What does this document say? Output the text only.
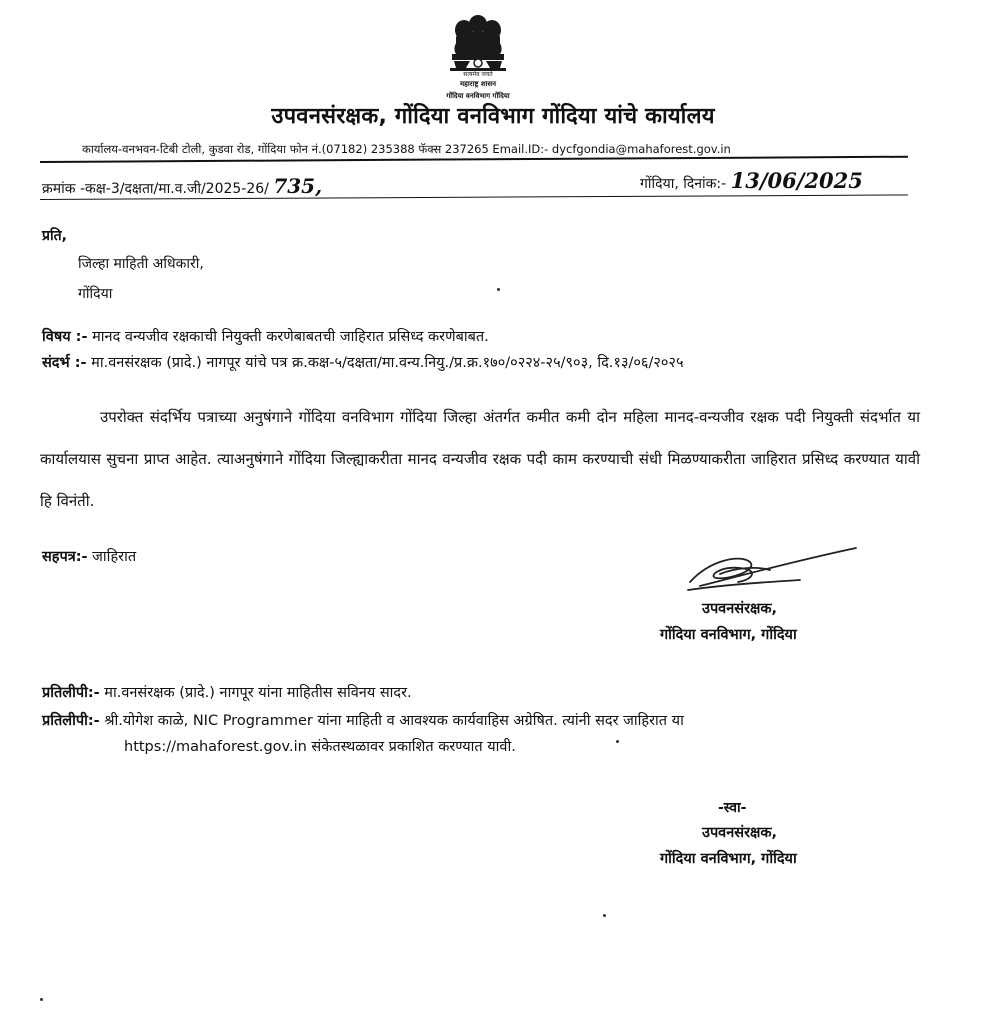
सत्यमेव जयते
महाराष्ट्र शासन
गोंदिया वनविभाग गोंदिया
उपवनसंरक्षक, गोंदिया वनविभाग गोंदिया यांचे कार्यालय
कार्यालय-वनभवन-टिबी टोली, कुडवा रोड, गोंदिया फोन नं.(07182) 235388 फॅक्स 237265 Email.ID:- dycfgondia@mahaforest.gov.in
क्रमांक -कक्ष-3/दक्षता/मा.व.जी/2025-26/ 735,	गोंदिया, दिनांक:- 13/06/2025
प्रति,
जिल्हा माहिती अधिकारी,
गोंदिया
विषय :- मानद वन्यजीव रक्षकाची नियुक्ती करणेबाबतची जाहिरात प्रसिध्द करणेबाबत.
संदर्भ :- मा.वनसंरक्षक (प्रादे.) नागपूर यांचे पत्र क्र.कक्ष-५/दक्षता/मा.वन्य.नियु./प्र.क्र.१७०/०२२४-२५/९०३, दि.१३/०६/२०२५
उपरोक्त संदर्भिय पत्राच्या अनुषंगाने गोंदिया वनविभाग गोंदिया जिल्हा अंतर्गत कमीत कमी दोन महिला मानद-वन्यजीव रक्षक पदी नियुक्ती संदर्भात या कार्यालयास सुचना प्राप्त आहेत. त्याअनुषंगाने गोंदिया जिल्ह्याकरीता मानद वन्यजीव रक्षक पदी काम करण्याची संधी मिळण्याकरीता जाहिरात प्रसिध्द करण्यात यावी हि विनंती.
सहपत्र:- जाहिरात
उपवनसंरक्षक,
गोंदिया वनविभाग, गोंदिया
प्रतिलीपी:- मा.वनसंरक्षक (प्रादे.) नागपूर यांना माहितीस सविनय सादर.
प्रतिलीपी:- श्री.योगेश काळे, NIC Programmer यांना माहिती व आवश्यक कार्यवाहिस अग्रेषित. त्यांनी सदर जाहिरात या
https://mahaforest.gov.in संकेतस्थळावर प्रकाशित करण्यात यावी.
-स्वा-
उपवनसंरक्षक,
गोंदिया वनविभाग, गोंदिया
